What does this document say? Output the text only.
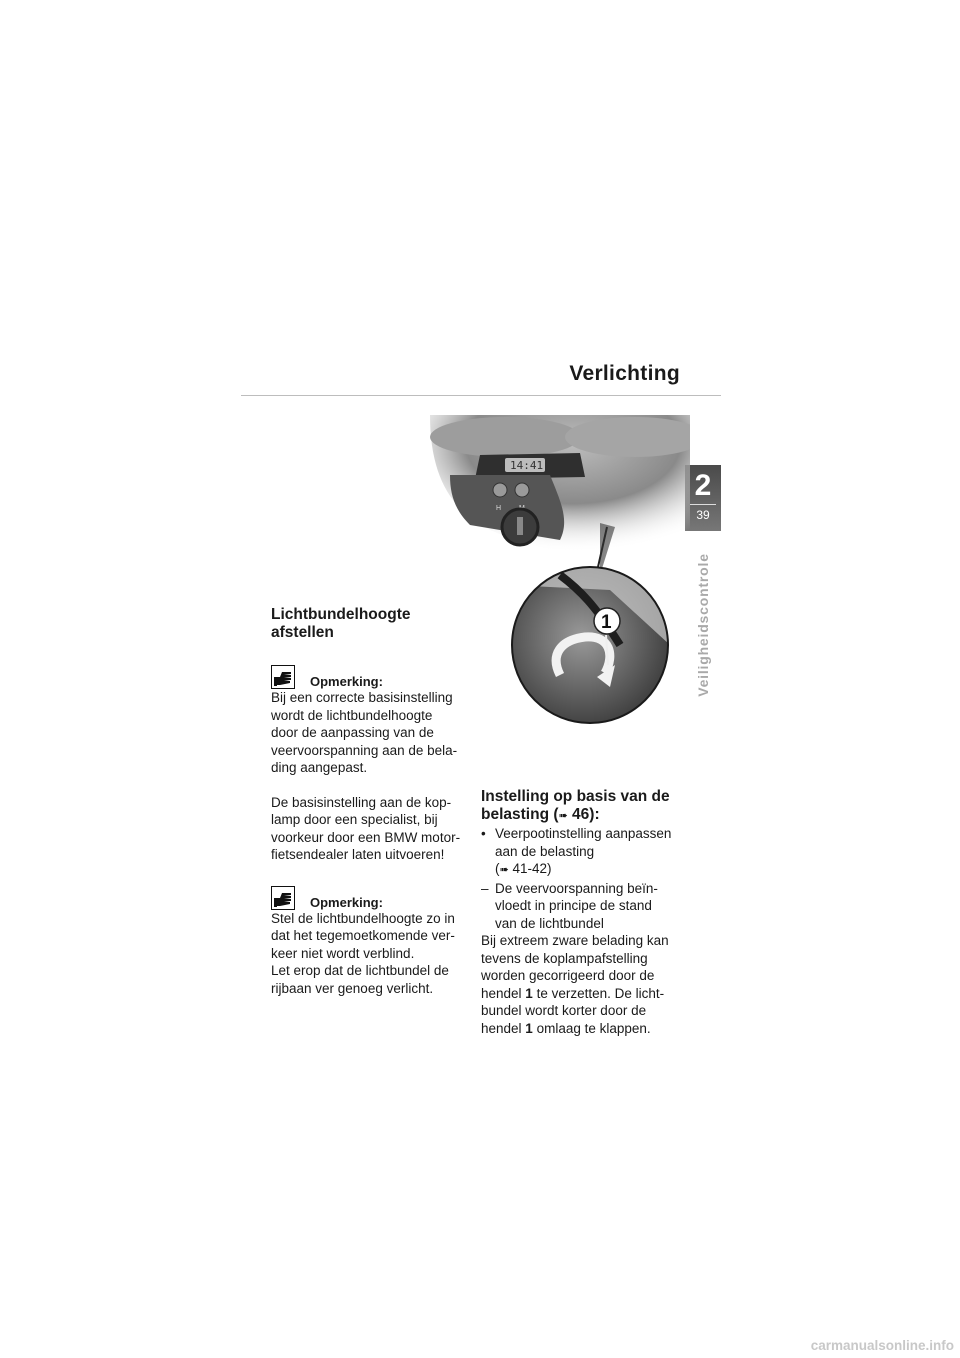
Verlichting
2
39
Veiligheidscontrole
14:41
H
1
Lichtbundelhoogte
afstellen
Opmerking:

Bij een correcte basisinstelling
wordt de lichtbundelhoogte
door de aanpassing van de
veervoorspanning aan de bela-
ding aangepast.

De basisinstelling aan de kop-
lamp door een specialist, bij
voorkeur door een BMW motor-
fietsendealer laten uitvoeren!

Opmerking:

Stel de lichtbundelhoogte zo in
dat het tegemoetkomende ver-
keer niet wordt verblind.
Let erop dat de lichtbundel de
rijbaan ver genoeg verlicht.

Instelling op basis van de
belasting (➠ 46):
• Veerpootinstelling aanpassen
aan de belasting
(➠ 41-42)
– De veervoorspanning beïn-
vloedt in principe de stand
van de lichtbundel

Bij extreem zware belading kan
tevens de koplampafstelling
worden gecorrigeerd door de
hendel 1 te verzetten. De licht-
bundel wordt korter door de
hendel 1 omlaag te klappen.

carmanualsonline.info
